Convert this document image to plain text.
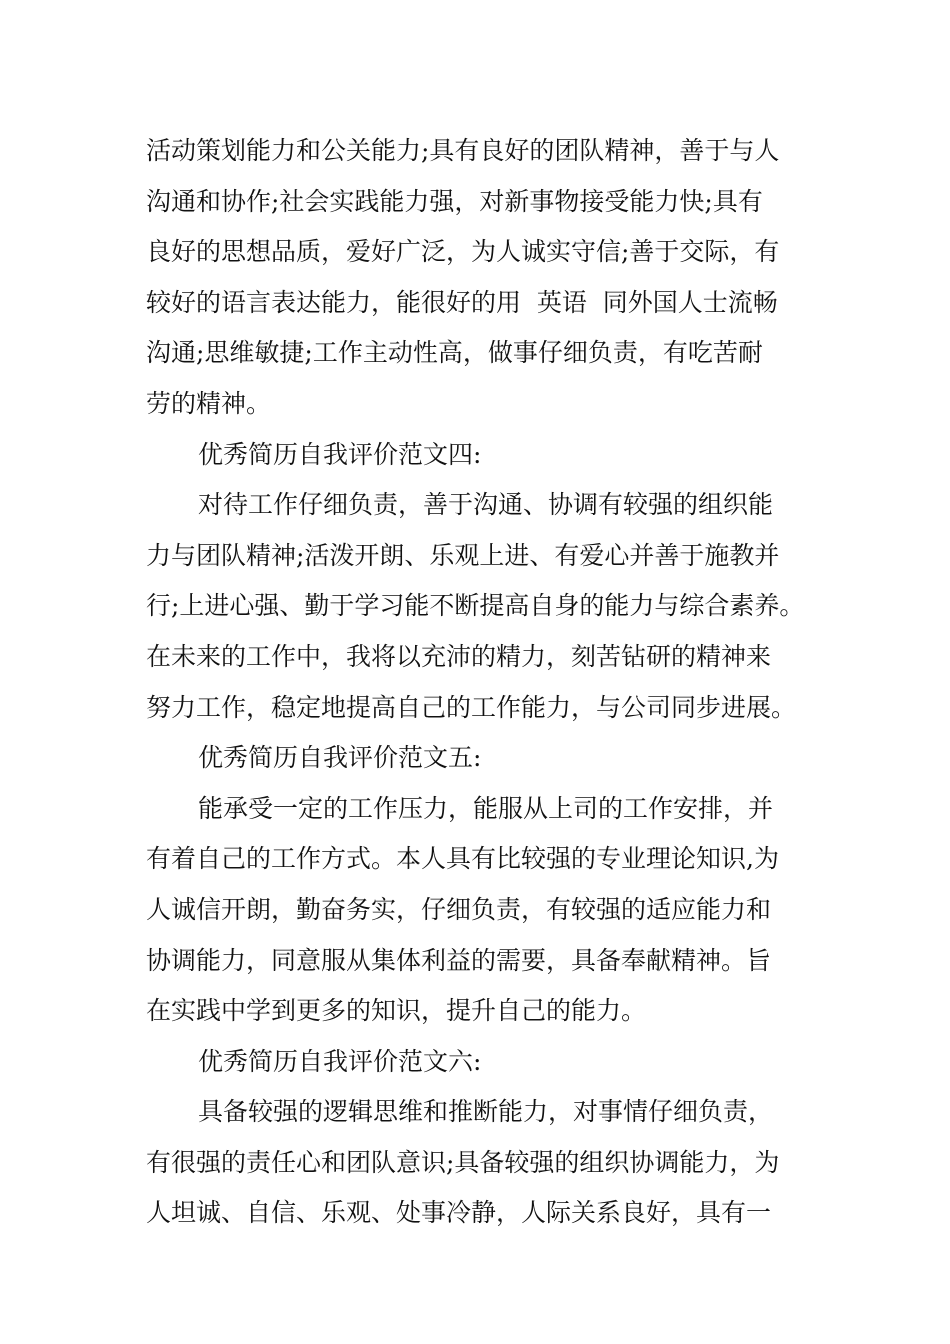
活动策划能力和公关能力;具有良好的团队精神，善于与人
沟通和协作;社会实践能力强，对新事物接受能力快;具有
良好的思想品质，爱好广泛，为人诚实守信;善于交际，有
较好的语言表达能力，能很好的用  英语  同外国人士流畅
沟通;思维敏捷;工作主动性高，做事仔细负责，有吃苦耐
劳的精神。
优秀简历自我评价范文四:
对待工作仔细负责，善于沟通、协调有较强的组织能
力与团队精神;活泼开朗、乐观上进、有爱心并善于施教并
行;上进心强、勤于学习能不断提高自身的能力与综合素养。
在未来的工作中，我将以充沛的精力，刻苦钻研的精神来
努力工作，稳定地提高自己的工作能力，与公司同步进展。
优秀简历自我评价范文五:
能承受一定的工作压力，能服从上司的工作安排，并
有着自己的工作方式。本人具有比较强的专业理论知识,为
人诚信开朗，勤奋务实，仔细负责，有较强的适应能力和
协调能力，同意服从集体利益的需要，具备奉献精神。旨
在实践中学到更多的知识，提升自己的能力。
优秀简历自我评价范文六:
具备较强的逻辑思维和推断能力，对事情仔细负责，
有很强的责任心和团队意识;具备较强的组织协调能力，为
人坦诚、自信、乐观、处事冷静，人际关系良好，具有一
